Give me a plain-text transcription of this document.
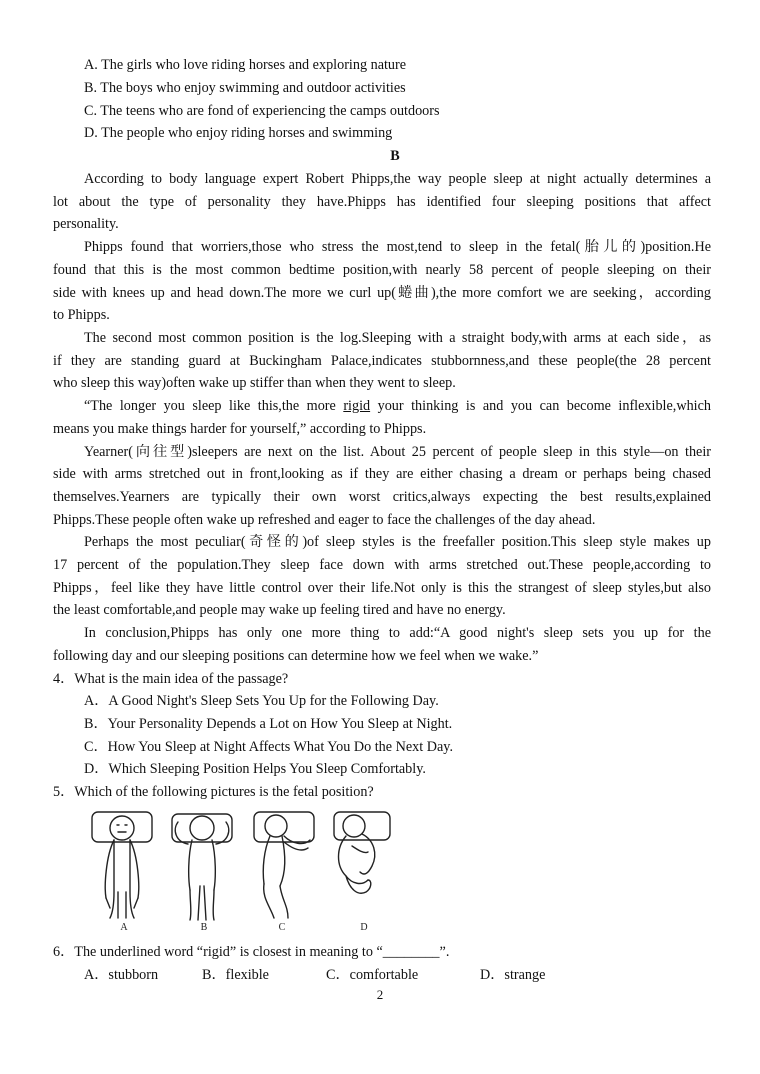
A. The girls who love riding horses and exploring nature
B. The boys who enjoy swimming and outdoor activities
C. The teens who are fond of experiencing the camps outdoors
D. The people who enjoy riding horses and swimming
B
According to body language expert Robert Phipps,the way people sleep at night actually determines a
lot about the type of personality they have.Phipps has identified four sleeping positions that affect
personality.
Phipps found that worriers,those who stress the most,tend to sleep in the fetal(胎儿的)position.He
found that this is the most common bedtime position,with nearly 58 percent of people sleeping on their
side with knees up and head down.The more we curl up(蜷曲),the more comfort we are seeking，according
to Phipps.
The second most common position is the log.Sleeping with a straight body,with arms at each side，as
if they are standing guard at Buckingham Palace,indicates stubbornness,and these people(the 28 percent
who sleep this way)often wake up stiffer than when they went to sleep.
“The longer you sleep like this,the more rigid your thinking is and you can become inflexible,which
means you make things harder for yourself,” according to Phipps.
Yearner(向往型)sleepers are next on the list. About 25 percent of people sleep in this style—on their
side with arms stretched out in front,looking as if they are either chasing a dream or perhaps being chased
themselves.Yearners are typically their own worst critics,always expecting the best results,explained
Phipps.These people often wake up refreshed and eager to face the challenges of the day ahead.
Perhaps the most peculiar(奇怪的)of sleep styles is the freefaller position.This sleep style makes up
17 percent of the population.They sleep face down with arms stretched out.These people,according to
Phipps，feel like they have little control over their life.Not only is this the strangest of sleep styles,but also
the least comfortable,and people may wake up feeling tired and have no energy.
In conclusion,Phipps has only one more thing to add:“A good night's sleep sets you up for the
following day and our sleeping positions can determine how we feel when we wake.”
4．What is the main idea of the passage?
A．A Good Night's Sleep Sets You Up for the Following Day.
B．Your Personality Depends a Lot on How You Sleep at Night.
C．How You Sleep at Night Affects What You Do the Next Day.
D．Which Sleeping Position Helps You Sleep Comfortably.
5．Which of the following pictures is the fetal position?
A	B	C	D
6．The underlined word “rigid” is closest in meaning to “________”.
A．stubborn	B．flexible	C．comfortable	D．strange
2
